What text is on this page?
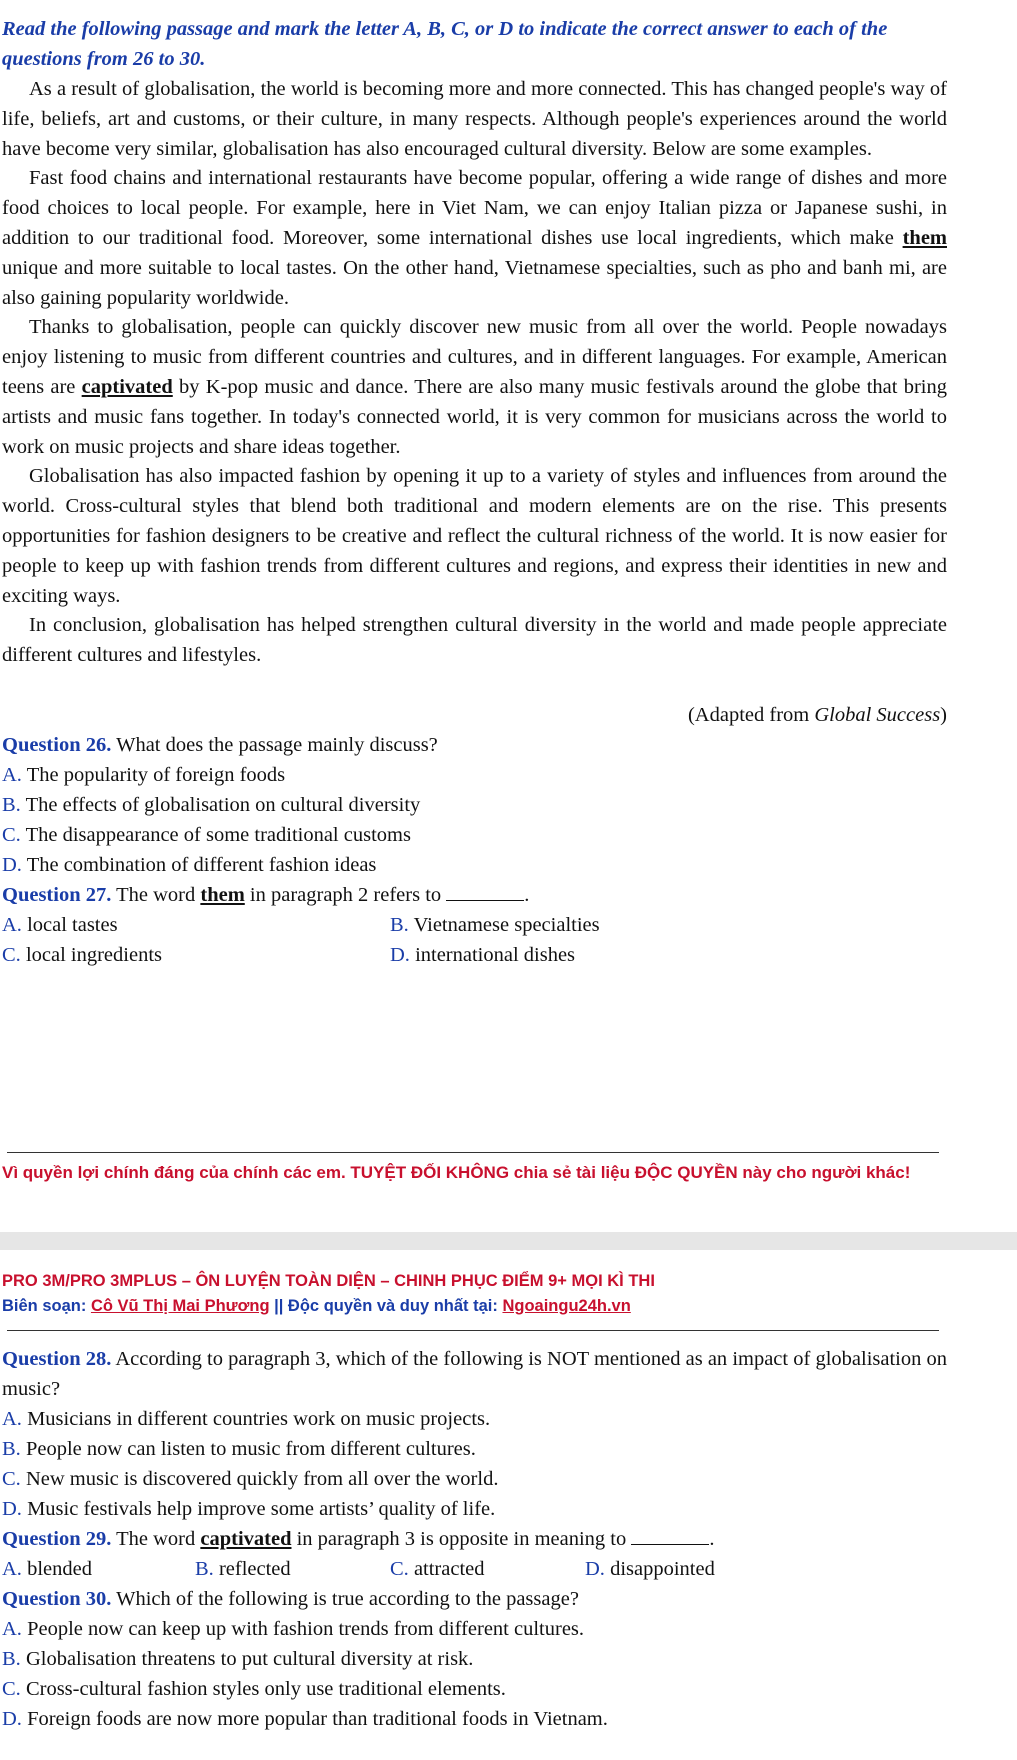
Read the following passage and mark the letter A, B, C, or D to indicate the correct answer to each of the questions from 26 to 30.

As a result of globalisation, the world is becoming more and more connected. This has changed people's way of life, beliefs, art and customs, or their culture, in many respects. Although people's experiences around the world have become very similar, globalisation has also encouraged cultural diversity. Below are some examples.

Fast food chains and international restaurants have become popular, offering a wide range of dishes and more food choices to local people. For example, here in Viet Nam, we can enjoy Italian pizza or Japanese sushi, in addition to our traditional food. Moreover, some international dishes use local ingredients, which make them unique and more suitable to local tastes. On the other hand, Vietnamese specialties, such as pho and banh mi, are also gaining popularity worldwide.

Thanks to globalisation, people can quickly discover new music from all over the world. People nowadays enjoy listening to music from different countries and cultures, and in different languages. For example, American teens are captivated by K-pop music and dance. There are also many music festivals around the globe that bring artists and music fans together. In today's connected world, it is very common for musicians across the world to work on music projects and share ideas together.

Globalisation has also impacted fashion by opening it up to a variety of styles and influences from around the world. Cross-cultural styles that blend both traditional and modern elements are on the rise. This presents opportunities for fashion designers to be creative and reflect the cultural richness of the world. It is now easier for people to keep up with fashion trends from different cultures and regions, and express their identities in new and exciting ways.

In conclusion, globalisation has helped strengthen cultural diversity in the world and made people appreciate different cultures and lifestyles.

(Adapted from Global Success)
Question 26. What does the passage mainly discuss?
A. The popularity of foreign foods
B. The effects of globalisation on cultural diversity
C. The disappearance of some traditional customs
D. The combination of different fashion ideas
Question 27. The word them in paragraph 2 refers to	.
A. local tastes	B. Vietnamese specialties
C. local ingredients	D. international dishes
Vì quyền lợi chính đáng của chính các em. TUYỆT ĐỐI KHÔNG chia sẻ tài liệu ĐỘC QUYỀN này cho người khác!
PRO 3M/PRO 3MPLUS – ÔN LUYỆN TOÀN DIỆN – CHINH PHỤC ĐIỂM 9+ MỌI KÌ THI
Biên soạn: Cô Vũ Thị Mai Phương || Độc quyền và duy nhất tại: Ngoaingu24h.vn
Question 28. According to paragraph 3, which of the following is NOT mentioned as an impact of globalisation on music?
A. Musicians in different countries work on music projects.
B. People now can listen to music from different cultures.
C. New music is discovered quickly from all over the world.
D. Music festivals help improve some artists’ quality of life.
Question 29. The word captivated in paragraph 3 is opposite in meaning to	.
A. blended	B. reflected	C. attracted	D. disappointed
Question 30. Which of the following is true according to the passage?
A. People now can keep up with fashion trends from different cultures.
B. Globalisation threatens to put cultural diversity at risk.
C. Cross-cultural fashion styles only use traditional elements.
D. Foreign foods are now more popular than traditional foods in Vietnam.
